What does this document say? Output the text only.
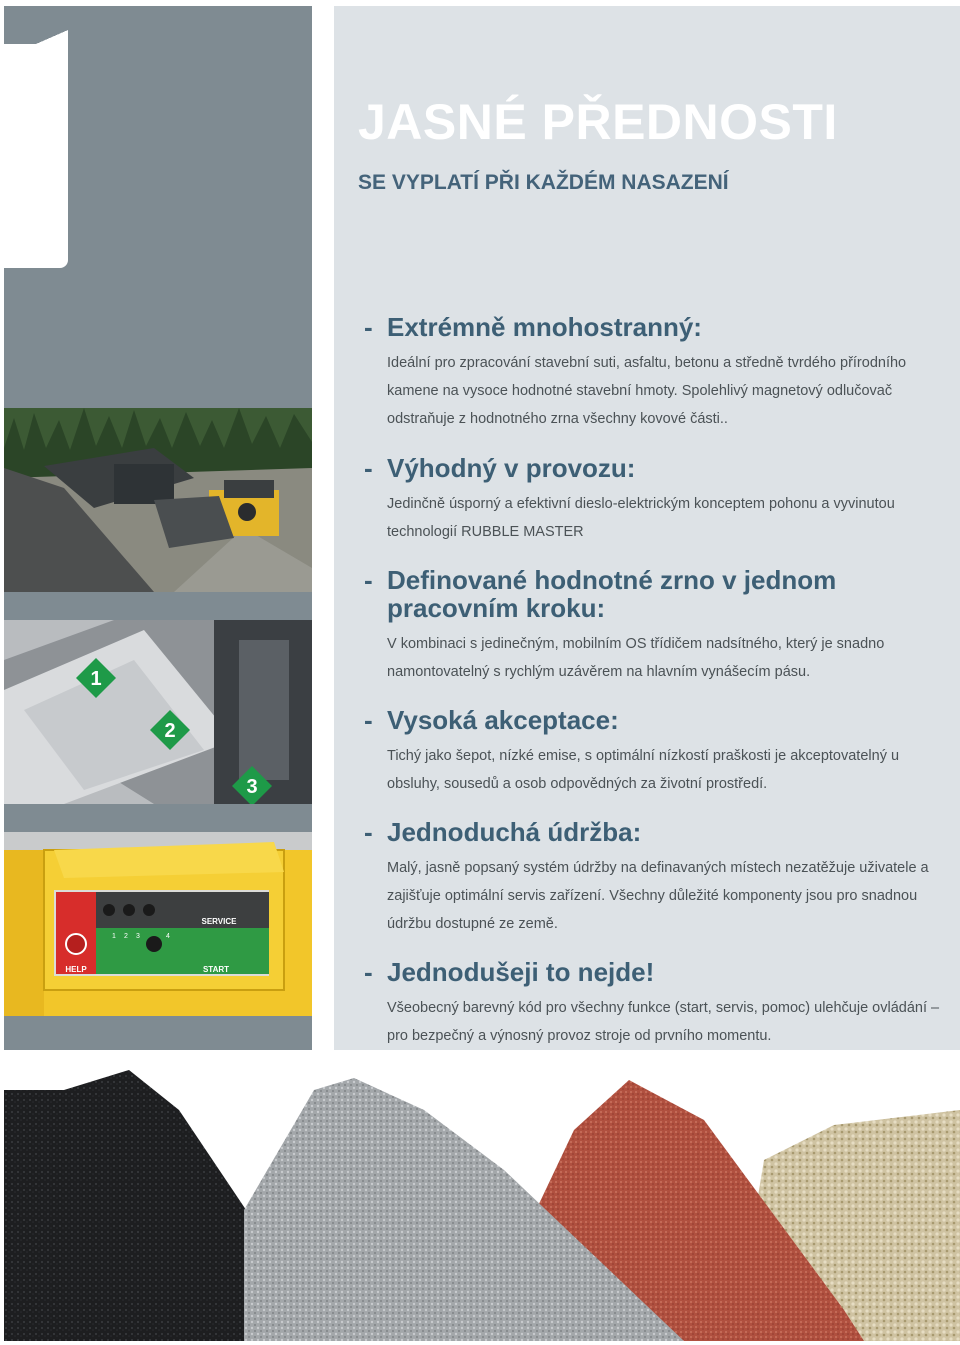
1
2
3
SERVICE
START
HELP
1 2 3	4
JASNÉ PŘEDNOSTI
SE VYPLATÍ PŘI KAŽDÉM NASAZENÍ
- Extrémně mnohostranný:

Ideální pro zpracování stavební suti, asfaltu, betonu a středně tvrdého přírodního kamene na vysoce hodnotné stavební hmoty. Spolehlivý magnetový odlučovač odstraňuje z hodnotného zrna všechny kovové části..

- Výhodný v provozu:

Jedinčně úsporný a efektivní dieslo-elektrickým konceptem pohonu a vyvinutou technologií RUBBLE MASTER

- Definované hodnotné zrno v jednom pracovním kroku:

V kombinaci s jedinečným, mobilním OS třídičem nadsítného, který je snadno namontovatelný s rychlým uzávěrem na hlavním vynášecím pásu.

- Vysoká akceptace:

Tichý jako šepot, nízké emise, s optimální nízkostí praškosti je akceptovatelný u obsluhy, sousedů a osob odpovědných za životní prostředí.

- Jednoduchá údržba:

Malý, jasně popsaný systém údržby na definavaných místech nezatěžuje uživatele a zajišťuje optimální servis zařízení. Všechny důležité komponenty jsou pro snadnou údržbu dostupné ze země.

- Jednodušeji to nejde!

Všeobecný barevný kód pro všechny funkce (start, servis, pomoc) ulehčuje ovládání – pro bezpečný a výnosný provoz stroje od prvního momentu.
